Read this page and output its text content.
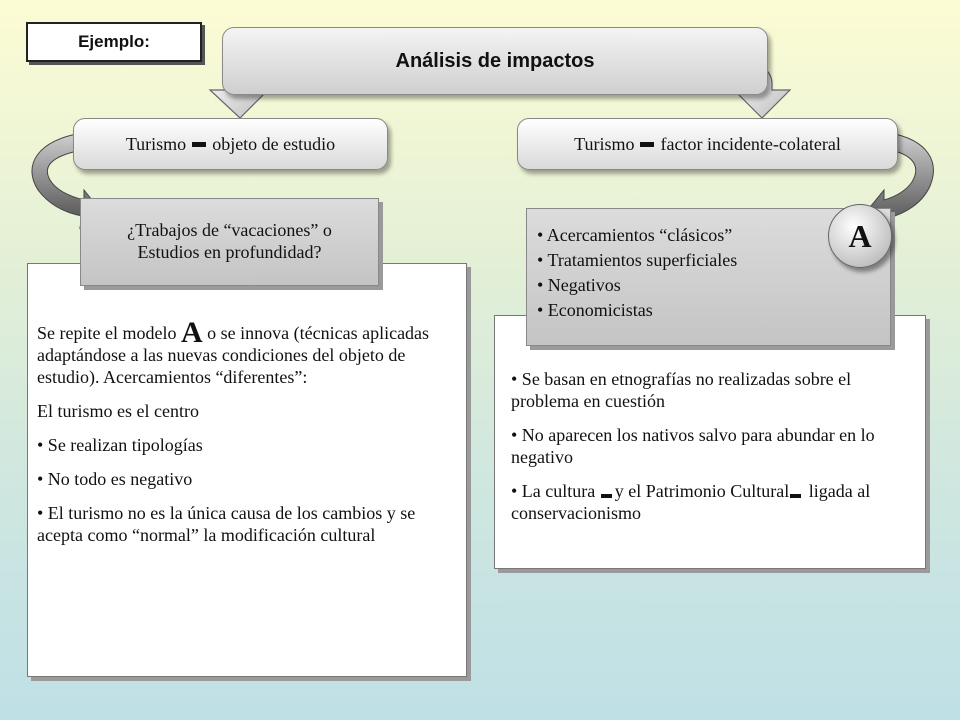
Ejemplo:
Análisis de impactos
Turismo objeto de estudio	Turismo factor incidente-colateral

Se repite el modelo A o se innova (técnicas aplicadas adaptándose a las nuevas condiciones del objeto de estudio). Acercamientos “diferentes”:

El turismo es el centro

• Se realizan tipologías

• No todo es negativo

• El turismo no es la única causa de los cambios y se acepta como “normal” la modificación cultural

¿Trabajos de “vacaciones” o
Estudios en profundidad?

• Se basan en etnografías no realizadas sobre el problema en cuestión

• No aparecen los nativos salvo para abundar en lo negativo

• La cultura y el Patrimonio Cultural ligada al conservacionismo

• Acercamientos “clásicos”
• Tratamientos superficiales
• Negativos
• Economicistas
A
